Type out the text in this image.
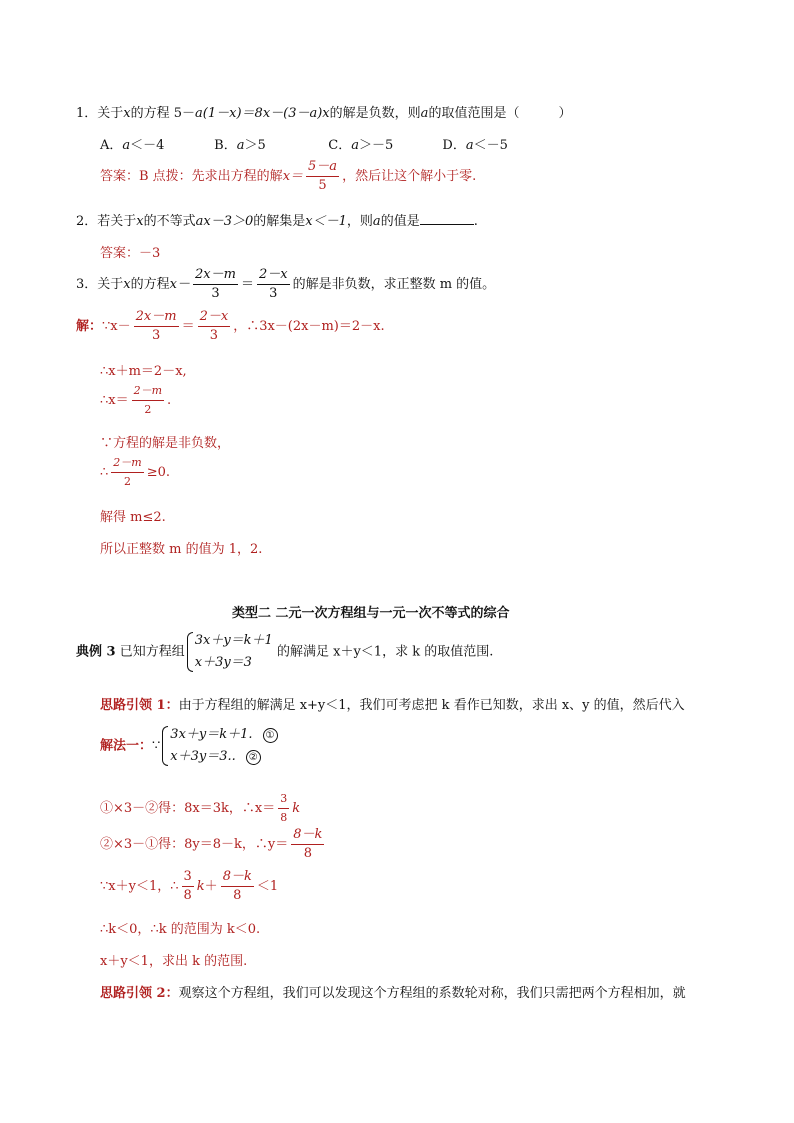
1．关于x的方程 5－a(1－x)＝8x－(3－a)x的解是负数，则a的取值范围是（　　　）
A．a＜－4	B．a＞5	C．a＞－5	D．a＜－5
答案：B 点拨：先求出方程的解$x= \frac{5-a}{5}$ ，然后让这个解小于零.
2．若关于x的不等式ax－3＞0的解集是x＜－1，则a的值是	.
答案：－3
3．关于x的方程$x- \frac{2x-m}{3} = \frac{2-x}{3}$ 的解是非负数，求正整数 m 的值。
解：∵x－ $\frac{2x-m}{3} = \frac{2-x}{3}$ ，∴3x－(2x－m)＝2－x.
∴x＋m＝2－x,
∴x＝ $\frac{2-m}{2}$ .
∵方程的解是非负数，
∴ $\frac{2-m}{2} \ge 0$.
解得 m≤2.
所以正整数 m 的值为 1，2.
类型二 二元一次方程组与一元一次不等式的综合
典例 3 已知方程组
3x＋y＝k＋1
x＋3y＝3
的解满足 x＋y＜1，求 k 的取值范围.
思路引领 1：由于方程组的解满足 x+y＜1，我们可考虑把 k 看作已知数，求出 x、y 的值，然后代入
解法一：∵
3x＋y＝k＋1. ①
x＋3y＝3.. ②
①×3－②得：8x＝3k，∴x＝ $\frac{3}{8}$ k
②×3－①得：8y＝8－k，∴y＝ $\frac{8-k}{8}$
∵x＋y＜1，∴ $\frac{3}{8} k+ \frac{8-k}{8} <1$
∴k＜0，∴k 的范围为 k＜0.
x＋y＜1，求出 k 的范围.
思路引领 2：观察这个方程组，我们可以发现这个方程组的系数轮对称，我们只需把两个方程相加，就
